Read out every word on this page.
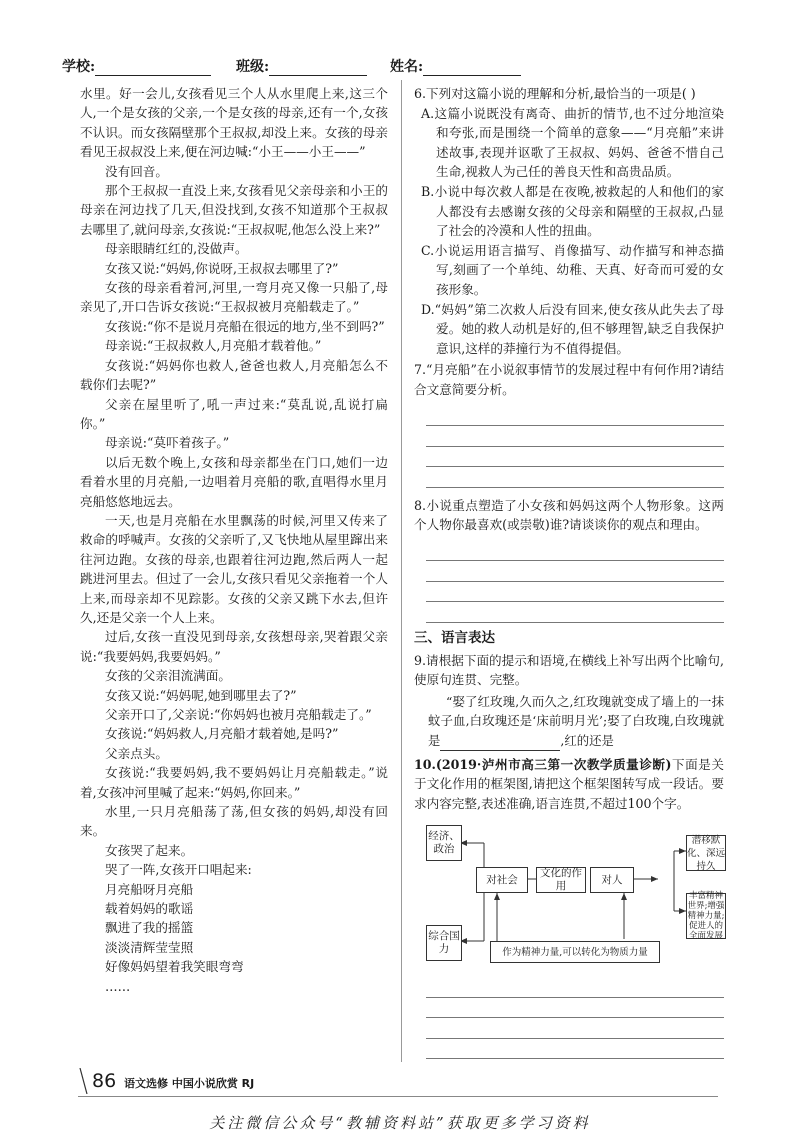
学校:	班级:	姓名:

水里。好一会儿,女孩看见三个人从水里爬上来,这三个人,一个是女孩的父亲,一个是女孩的母亲,还有一个,女孩不认识。而女孩隔壁那个王叔叔,却没上来。女孩的母亲看见王叔叔没上来,便在河边喊:“小王——小王——”

没有回音。

那个王叔叔一直没上来,女孩看见父亲母亲和小王的母亲在河边找了几天,但没找到,女孩不知道那个王叔叔去哪里了,就问母亲,女孩说:“王叔叔呢,他怎么没上来?”

母亲眼睛红红的,没做声。

女孩又说:“妈妈,你说呀,王叔叔去哪里了?”

女孩的母亲看着河,河里,一弯月亮又像一只船了,母亲见了,开口告诉女孩说:“王叔叔被月亮船载走了。”

女孩说:“你不是说月亮船在很远的地方,坐不到吗?”

母亲说:“王叔叔救人,月亮船才载着他。”

女孩说:“妈妈你也救人,爸爸也救人,月亮船怎么不载你们去呢?”

父亲在屋里听了,吼一声过来:“莫乱说,乱说打扁你。”

母亲说:“莫吓着孩子。”

以后无数个晚上,女孩和母亲都坐在门口,她们一边看着水里的月亮船,一边唱着月亮船的歌,直唱得水里月亮船悠悠地远去。

一天,也是月亮船在水里飘荡的时候,河里又传来了救命的呼喊声。女孩的父亲听了,又飞快地从屋里蹿出来往河边跑。女孩的母亲,也跟着往河边跑,然后两人一起跳进河里去。但过了一会儿,女孩只看见父亲拖着一个人上来,而母亲却不见踪影。女孩的父亲又跳下水去,但许久,还是父亲一个人上来。

过后,女孩一直没见到母亲,女孩想母亲,哭着跟父亲说:“我要妈妈,我要妈妈。”

女孩的父亲泪流满面。

女孩又说:“妈妈呢,她到哪里去了?”

父亲开口了,父亲说:“你妈妈也被月亮船载走了。”

女孩说:“妈妈救人,月亮船才载着她,是吗?”

父亲点头。

女孩说:“我要妈妈,我不要妈妈让月亮船载走。”说着,女孩冲河里喊了起来:“妈妈,你回来。”

水里,一只月亮船荡了荡,但女孩的妈妈,却没有回来。

女孩哭了起来。

哭了一阵,女孩开口唱起来:

月亮船呀月亮船

载着妈妈的歌谣

飘进了我的摇篮

淡淡清辉莹莹照

好像妈妈望着我笑眼弯弯

……

6.下列对这篇小说的理解和分析,最恰当的一项是( )

A.这篇小说既没有离奇、曲折的情节,也不过分地渲染和夸张,而是围绕一个简单的意象——“月亮船”来讲述故事,表现并讴歌了王叔叔、妈妈、爸爸不惜自己生命,视救人为己任的善良天性和高贵品质。

B.小说中每次救人都是在夜晚,被救起的人和他们的家人都没有去感谢女孩的父母亲和隔壁的王叔叔,凸显了社会的冷漠和人性的扭曲。

C.小说运用语言描写、肖像描写、动作描写和神态描写,刻画了一个单纯、幼稚、天真、好奇而可爱的女孩形象。

D.“妈妈”第二次救人后没有回来,使女孩从此失去了母爱。她的救人动机是好的,但不够理智,缺乏自我保护意识,这样的莽撞行为不值得提倡。

7.“月亮船”在小说叙事情节的发展过程中有何作用?请结合文意简要分析。

8.小说重点塑造了小女孩和妈妈这两个人物形象。这两个人物你最喜欢(或崇敬)谁?请谈谈你的观点和理由。

三、语言表达

9.请根据下面的提示和语境,在横线上补写出两个比喻句,使原句连贯、完整。

“娶了红玫瑰,久而久之,红玫瑰就变成了墙上的一抹蚊子血,白玫瑰还是‘床前明月光’;娶了白玫瑰,白玫瑰就是	,红的还是

10.(2019·泸州市高三第一次教学质量诊断)下面是关于文化作用的框架图,请把这个框架图转写成一段话。要求内容完整,表述准确,语言连贯,不超过100个字。

经济、政治
综合国力
对社会
文化的作用
对人
潜移默化、深远持久
丰富精神世界;增强精神力量;促进人的全面发展
作为精神力量,可以转化为物质力量
86 语文选修 中国小说欣赏 RJ
关注微信公众号“教辅资料站”获取更多学习资料
